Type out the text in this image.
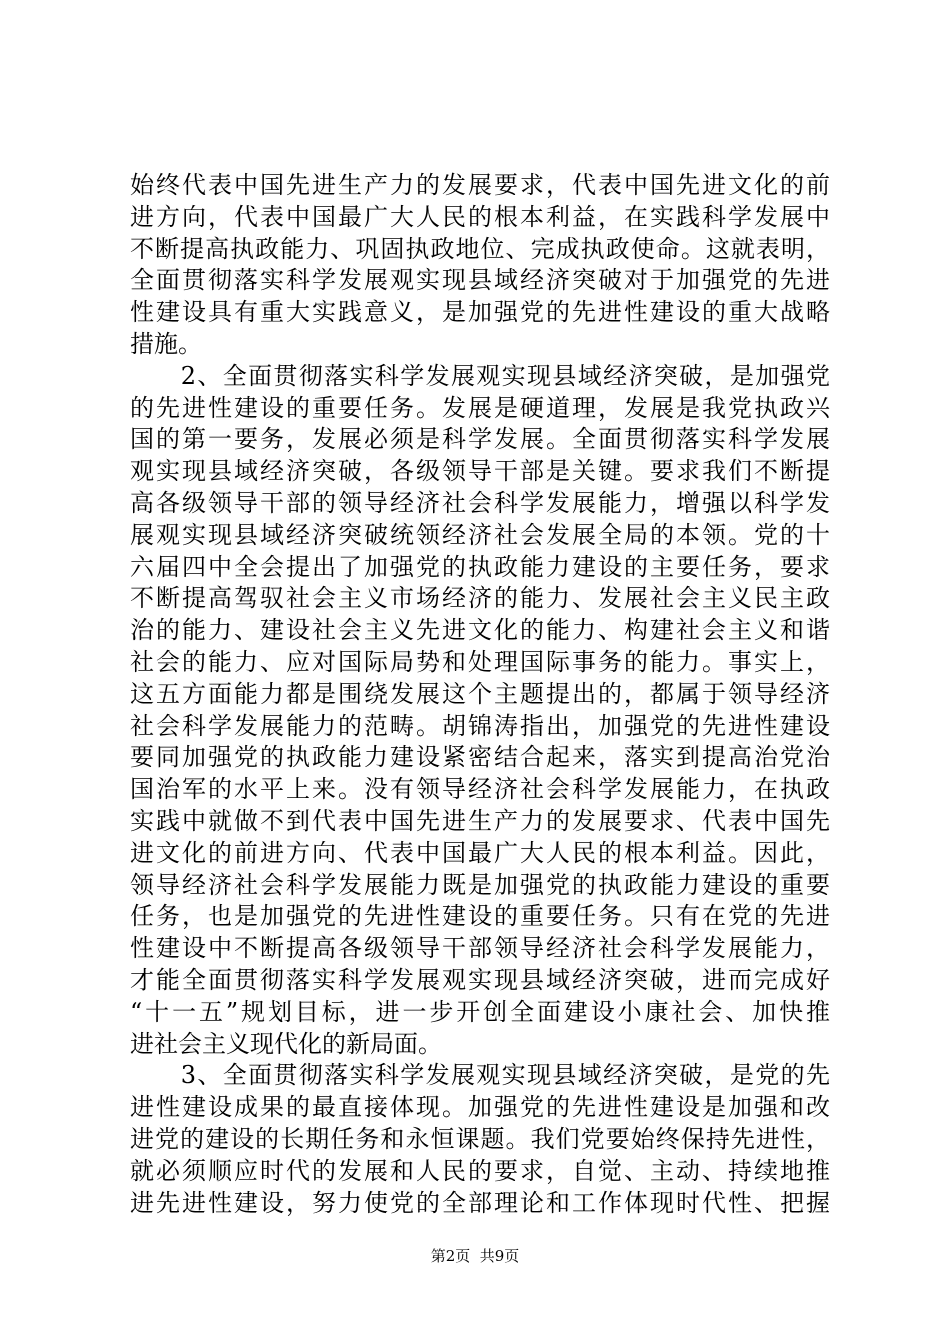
始终代表中国先进生产力的发展要求，代表中国先进文化的前
进方向，代表中国最广大人民的根本利益，在实践科学发展中
不断提高执政能力、巩固执政地位、完成执政使命。这就表明，
全面贯彻落实科学发展观实现县域经济突破对于加强党的先进
性建设具有重大实践意义，是加强党的先进性建设的重大战略
措施。
　　2、全面贯彻落实科学发展观实现县域经济突破，是加强党
的先进性建设的重要任务。发展是硬道理，发展是我党执政兴
国的第一要务，发展必须是科学发展。全面贯彻落实科学发展
观实现县域经济突破，各级领导干部是关键。要求我们不断提
高各级领导干部的领导经济社会科学发展能力，增强以科学发
展观实现县域经济突破统领经济社会发展全局的本领。党的十
六届四中全会提出了加强党的执政能力建设的主要任务，要求
不断提高驾驭社会主义市场经济的能力、发展社会主义民主政
治的能力、建设社会主义先进文化的能力、构建社会主义和谐
社会的能力、应对国际局势和处理国际事务的能力。事实上，
这五方面能力都是围绕发展这个主题提出的，都属于领导经济
社会科学发展能力的范畴。胡锦涛指出，加强党的先进性建设
要同加强党的执政能力建设紧密结合起来，落实到提高治党治
国治军的水平上来。没有领导经济社会科学发展能力，在执政
实践中就做不到代表中国先进生产力的发展要求、代表中国先
进文化的前进方向、代表中国最广大人民的根本利益。因此，
领导经济社会科学发展能力既是加强党的执政能力建设的重要
任务，也是加强党的先进性建设的重要任务。只有在党的先进
性建设中不断提高各级领导干部领导经济社会科学发展能力，
才能全面贯彻落实科学发展观实现县域经济突破，进而完成好
“十一五”规划目标，进一步开创全面建设小康社会、加快推
进社会主义现代化的新局面。
　　3、全面贯彻落实科学发展观实现县域经济突破，是党的先
进性建设成果的最直接体现。加强党的先进性建设是加强和改
进党的建设的长期任务和永恒课题。我们党要始终保持先进性，
就必须顺应时代的发展和人民的要求，自觉、主动、持续地推
进先进性建设，努力使党的全部理论和工作体现时代性、把握
第2页  共9页
